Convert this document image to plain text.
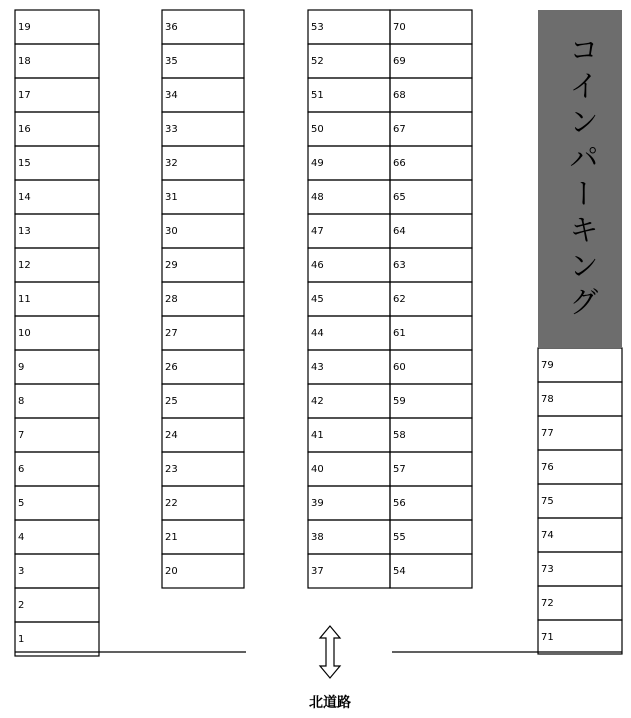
19
18
17
16
15
14
13
12
11
10
9
8
7
6
5
4
3
2
1
36
35
34
33
32
31
30
29
28
27
26
25
24
23
22
21
20
53
52
51
50
49
48
47
46
45
44
43
42
41
40
39
38
37
70
69
68
67
66
65
64
63
62
61
60
59
58
57
56
55
54
79
78
77
76
75
74
73
72
71
コインパーキング
北道路
